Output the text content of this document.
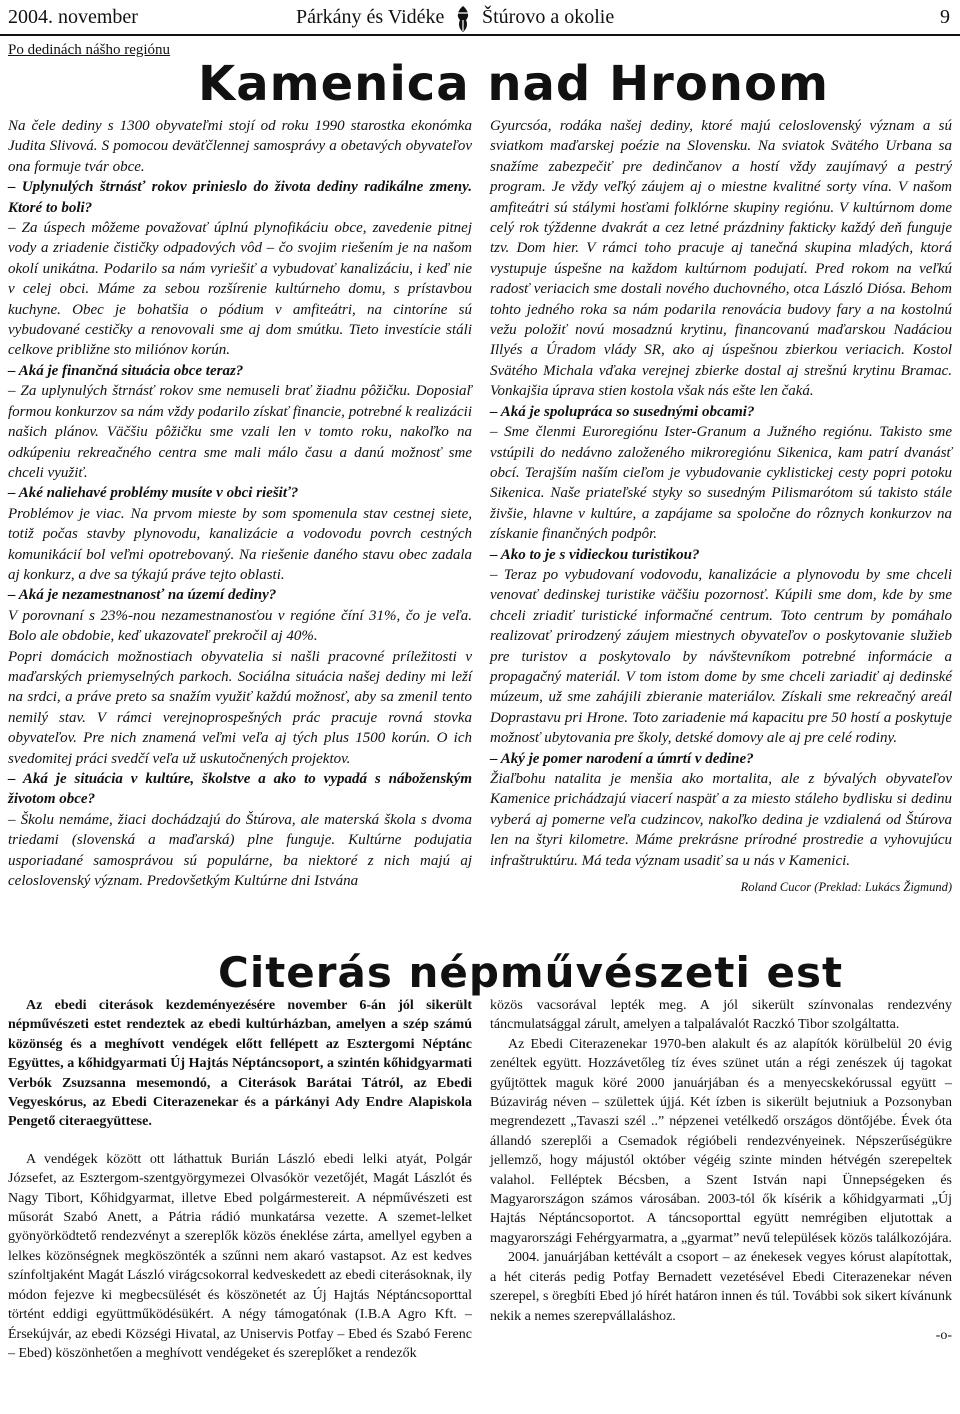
2004. november	Párkány és Vidéke Štúrovo a okolie	9
Po dedinách nášho regiónu
Kamenica nad Hronom

Na čele dediny s 1300 obyvateľmi stojí od roku 1990 starostka ekonómka Judita Slivová. S pomocou deväťčlennej samosprávy a obetavých obyvateľov ona formuje tvár obce.

– Uplynulých štrnásť rokov prinieslo do života dediny radikálne zmeny. Ktoré to boli?

– Za úspech môžeme považovať úplnú plynofikáciu obce, zavedenie pitnej vody a zriadenie čističky odpadových vôd – čo svojim riešením je na našom okolí unikátna. Podarilo sa nám vyriešiť a vybudovať kanalizáciu, i keď nie v celej obci. Máme za sebou rozšírenie kultúrneho domu, s prístavbou kuchyne. Obec je bohatšia o pódium v amfiteátri, na cintoríne sú vybudované cestičky a renovovali sme aj dom smútku. Tieto investície stáli celkove približne sto miliónov korún.

– Aká je finančná situácia obce teraz?

– Za uplynulých štrnásť rokov sme nemuseli brať žiadnu pôžičku. Doposiaľ formou konkurzov sa nám vždy podarilo získať financie, potrebné k realizácii našich plánov. Väčšiu pôžičku sme vzali len v tomto roku, nakoľko na odkúpeniu rekreačného centra sme mali málo času a danú možnosť sme chceli využiť.

– Aké naliehavé problémy musíte v obci riešiť?

Problémov je viac. Na prvom mieste by som spomenula stav cestnej siete, totiž počas stavby plynovodu, kanalizácie a vodovodu povrch cestných komunikácií bol veľmi opotrebovaný. Na riešenie daného stavu obec zadala aj konkurz, a dve sa týkajú práve tejto oblasti.

– Aká je nezamestnanosť na území dediny?

V porovnaní s 23%-nou nezamestnanosťou v regióne číní 31%, čo je veľa. Bolo ale obdobie, keď ukazovateľ prekročil aj 40%.

Popri domácich možnostiach obyvatelia si našli pracovné príležitosti v maďarských priemyselných parkoch. Sociálna situácia našej dediny mi leží na srdci, a práve preto sa snažím využiť každú možnosť, aby sa zmenil tento nemilý stav. V rámci verejnoprospešných prác pracuje rovná stovka obyvateľov. Pre nich znamená veľmi veľa aj tých plus 1500 korún. O ich svedomitej práci svedčí veľa už uskutočnených projektov.

– Aká je situácia v kultúre, školstve a ako to vypadá s náboženským životom obce?

– Školu nemáme, žiaci dochádzajú do Štúrova, ale materská škola s dvoma triedami (slovenská a maďarská) plne funguje. Kultúrne podujatia usporiadané samosprávou sú populárne, ba niektoré z nich majú aj celoslovenský význam. Predovšetkým Kultúrne dni Istvána

Gyurcsóa, rodáka našej dediny, ktoré majú celoslovenský význam a sú sviatkom maďarskej poézie na Slovensku. Na sviatok Svätého Urbana sa snažíme zabezpečiť pre dedinčanov a hostí vždy zaujímavý a pestrý program. Je vždy veľký záujem aj o miestne kvalitné sorty vína. V našom amfiteátri sú stálymi hosťami folklórne skupiny regiónu. V kultúrnom dome celý rok týždenne dvakrát a cez letné prázdniny fakticky každý deň funguje tzv. Dom hier. V rámci toho pracuje aj tanečná skupina mladých, ktorá vystupuje úspešne na každom kultúrnom podujatí. Pred rokom na veľkú radosť veriacich sme dostali nového duchovného, otca László Diósa. Behom tohto jedného roka sa nám podarila renovácia budovy fary a na kostolnú vežu položiť novú mosadznú krytinu, financovanú maďarskou Nadáciou Illyés a Úradom vlády SR, ako aj úspešnou zbierkou veriacich. Kostol Svätého Michala vďaka verejnej zbierke dostal aj strešnú krytinu Bramac. Vonkajšia úprava stien kostola však nás ešte len čaká.

– Aká je spolupráca so susednými obcami?

– Sme členmi Euroregiónu Ister-Granum a Južného regiónu. Takisto sme vstúpili do nedávno založeného mikroregiónu Sikenica, kam patrí dvanásť obcí. Terajším naším cieľom je vybudovanie cyklistickej cesty popri potoku Sikenica. Naše priateľské styky so susedným Pilismarótom sú takisto stále živšie, hlavne v kultúre, a zapájame sa spoločne do rôznych konkurzov na získanie finančných podpôr.

– Ako to je s vidieckou turistikou?

– Teraz po vybudovaní vodovodu, kanalizácie a plynovodu by sme chceli venovať dedinskej turistike väčšiu pozornosť. Kúpili sme dom, kde by sme chceli zriadiť turistické informačné centrum. Toto centrum by pomáhalo realizovať prirodzený záujem miestnych obyvateľov o poskytovanie služieb pre turistov a poskytovalo by návštevníkom potrebné informácie a propagačný materiál. V tom istom dome by sme chceli zariadiť aj dedinské múzeum, už sme zahájili zbieranie materiálov. Získali sme rekreačný areál Doprastavu pri Hrone. Toto zariadenie má kapacitu pre 50 hostí a poskytuje možnosť ubytovania pre školy, detské domovy ale aj pre celé rodiny.

– Aký je pomer narodení a úmrtí v dedine?

Žiaľbohu natalita je menšia ako mortalita, ale z bývalých obyvateľov Kamenice prichádzajú viacerí naspäť a za miesto stáleho bydlisku si dedinu vyberá aj pomerne veľa cudzincov, nakoľko dedina je vzdialená od Štúrova len na štyri kilometre. Máme prekrásne prírodné prostredie a vyhovujúcu infraštruktúru. Má teda význam usadiť sa u nás v Kamenici.

Roland Cucor (Preklad: Lukács Žigmund)
Citerás népművészeti est

Az ebedi citerások kezdeményezésére november 6-án jól sikerült népművészeti estet rendeztek az ebedi kultúrházban, amelyen a szép számú közönség és a meghívott vendégek előtt fellépett az Esztergomi Néptánc Együttes, a kőhidgyarmati Új Hajtás Néptáncsoport, a szintén kőhidgyarmati Verbók Zsuzsanna mesemondó, a Citerások Barátai Tátról, az Ebedi Vegyeskórus, az Ebedi Citerazenekar és a párkányi Ady Endre Alapiskola Pengető citeraegyüttese.

A vendégek között ott láthattuk Burián László ebedi lelki atyát, Polgár Józsefet, az Esztergom-szentgyörgymezei Olvasókör vezetőjét, Magát Lászlót és Nagy Tibort, Kőhidgyarmat, illetve Ebed polgármestereit. A népművészeti est műsorát Szabó Anett, a Pátria rádió munkatársa vezette. A szemet-lelket gyönyörködtető rendezvényt a szereplők közös éneklése zárta, amellyel egyben a lelkes közönségnek megköszönték a szűnni nem akaró vastapsot. Az est kedves színfoltjaként Magát László virágcsokorral kedveskedett az ebedi citerásoknak, ily módon fejezve ki megbecsülését és köszönetét az Új Hajtás Néptáncsoporttal történt eddigi együttműködésükért. A négy támogatónak (I.B.A Agro Kft. – Érsekújvár, az ebedi Községi Hivatal, az Uniservis Potfay – Ebed és Szabó Ferenc – Ebed) köszönhetően a meghívott vendégeket és szereplőket a rendezők

közös vacsorával lepték meg. A jól sikerült színvonalas rendezvény táncmulatsággal zárult, amelyen a talpalávalót Raczkó Tibor szolgáltatta.

Az Ebedi Citerazenekar 1970-ben alakult és az alapítók körülbelül 20 évig zenéltek együtt. Hozzávetőleg tíz éves szünet után a régi zenészek új tagokat gyűjtöttek maguk köré 2000 januárjában és a menyecskekórussal együtt – Búzavirág néven – születtek újjá. Két ízben is sikerült bejutniuk a Pozsonyban megrendezett „Tavaszi szél ..” népzenei vetélkedő országos döntőjébe. Évek óta állandó szereplői a Csemadok régióbeli rendezvényeinek. Népszerűségükre jellemző, hogy májustól október végéig szinte minden hétvégén szerepeltek valahol. Felléptek Bécsben, a Szent István napi Ünnepségeken és Magyarországon számos városában. 2003-tól ők kísérik a kőhidgyarmati „Új Hajtás Néptáncsoportot. A táncsoporttal együtt nemrégiben eljutottak a magyarországi Fehérgyarmatra, a „gyarmat” nevű települések közös találkozójára.

2004. januárjában kettévált a csoport – az énekesek vegyes kórust alapítottak, a hét citerás pedig Potfay Bernadett vezetésével Ebedi Citerazenekar néven szerepel, s öregbíti Ebed jó hírét határon innen és túl. További sok sikert kívánunk nekik a nemes szerepvállaláshoz.

-o-
